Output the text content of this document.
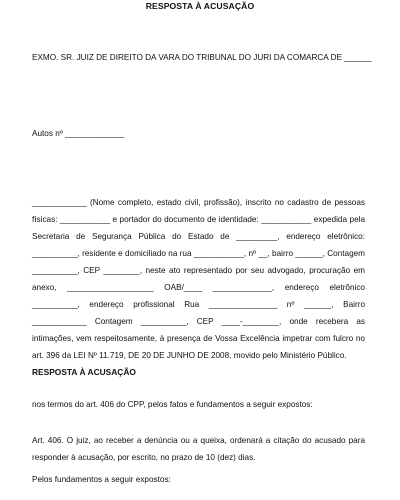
RESPOSTA À ACUSAÇÃO
EXMO. SR. JUIZ DE DIREITO DA VARA DO TRIBUNAL DO JURI DA COMARCA DE ______
Autos nº _____________
____________ (Nome completo, estado civil, profissão), inscrito no cadastro de pessoas físicas: ___________ e portador do documento de identidade: ___________ expedida pela Secretaria de Segurança Pública do Estado de _________, endereço eletrônico: __________, residente e domiciliado na rua ___________, nº __, bairro ______, Contagem __________, CEP ________, neste ato representado por seu advogado, procuração em anexo, ___________________ OAB/____ _____________, endereço eletrônico __________, endereço profissional Rua _______________ nº ______, Bairro ____________ Contagem __________, CEP ____-________, onde recebera as intimações, vem respeitosamente, à presença de Vossa Excelência impetrar com fulcro no art. 396 da LEI Nº 11.719, DE 20 DE JUNHO DE 2008, movido pelo Ministério Público.
RESPOSTA À ACUSAÇÃO
nos termos do art. 406 do CPP, pelos fatos e fundamentos a seguir expostos:
Art. 406. O juiz, ao receber a denúncia ou a queixa, ordenará a citação do acusado para responder à acusação, por escrito, no prazo de 10 (dez) dias.
Pelos fundamentos a seguir expostos:
